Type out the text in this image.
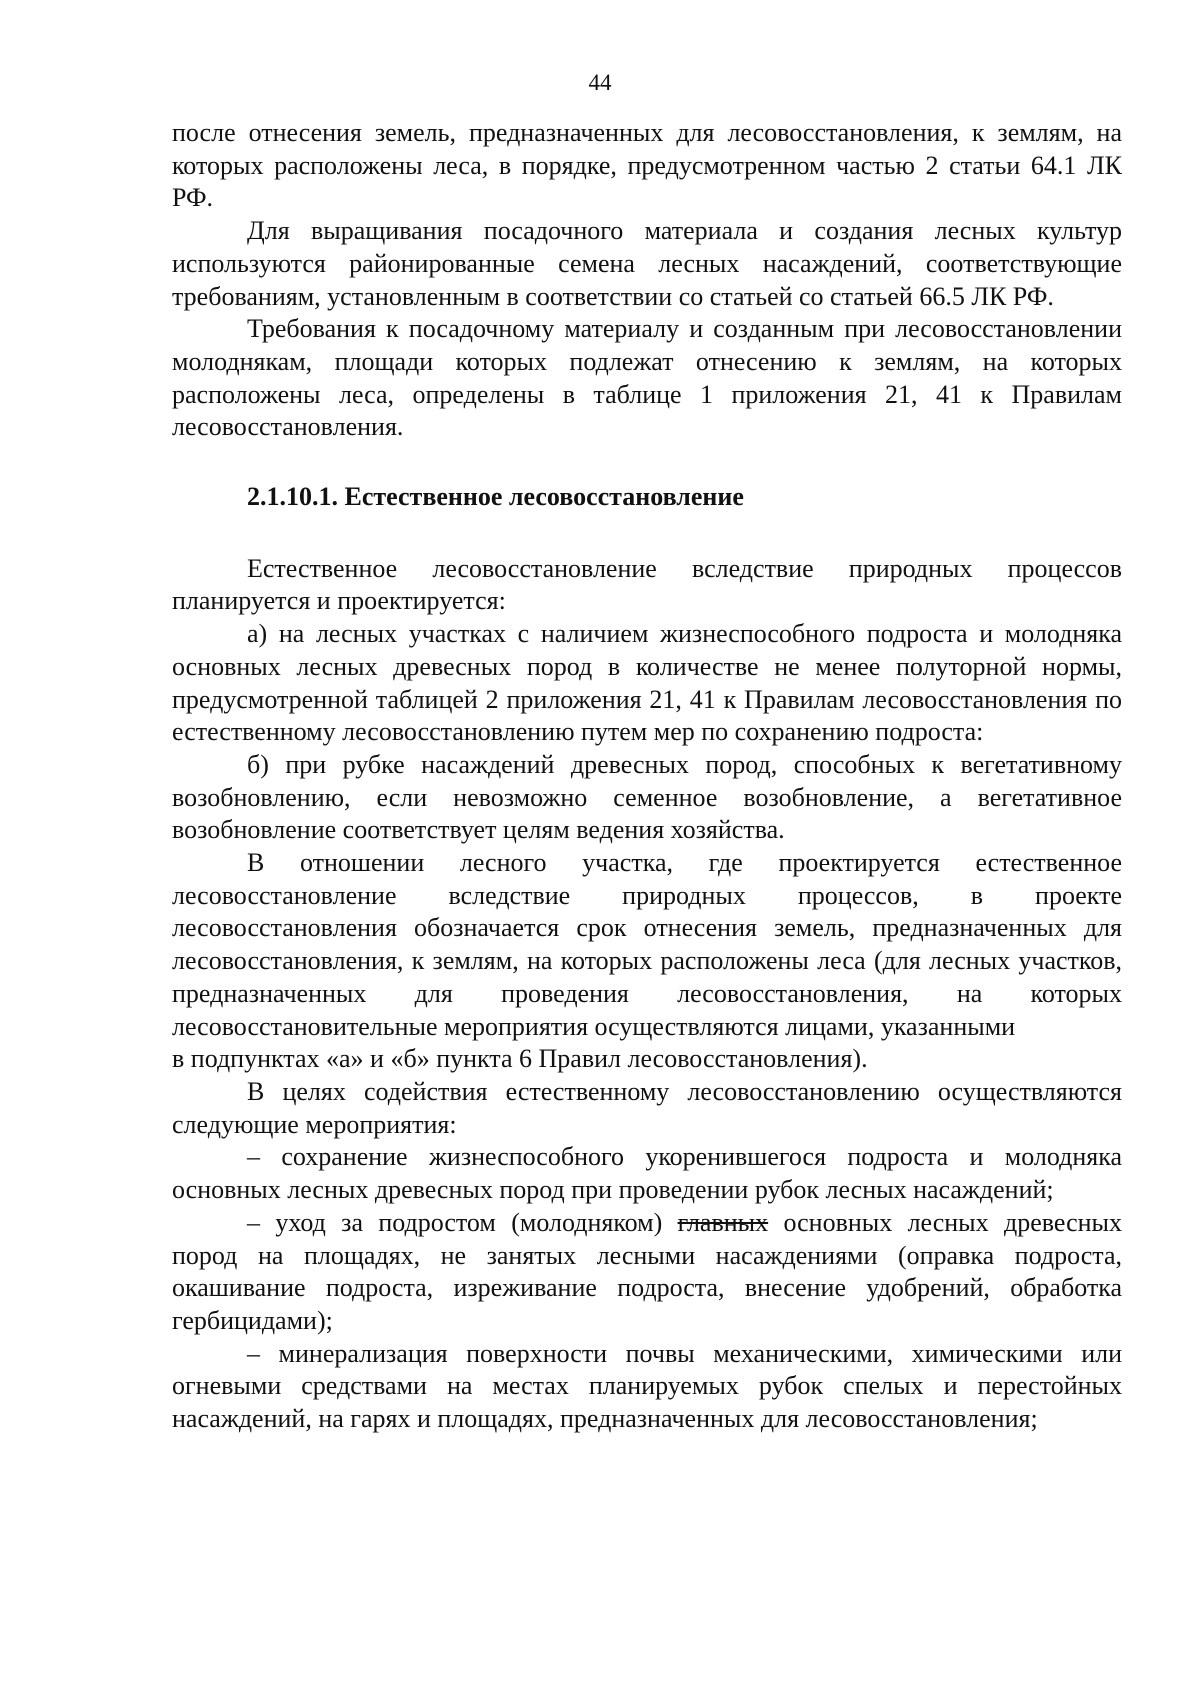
44

после отнесения земель, предназначенных для лесовосстановления, к землям, на которых расположены леса, в порядке, предусмотренном частью 2 статьи 64.1 ЛК РФ.

Для выращивания посадочного материала и создания лесных культур используются районированные семена лесных насаждений, соответствующие требованиям, установленным в соответствии со статьей со статьей 66.5 ЛК РФ.

Требования к посадочному материалу и созданным при лесовосстановлении молоднякам, площади которых подлежат отнесению к землям, на которых расположены леса, определены в таблице 1 приложения 21, 41 к Правилам лесовосстановления.

2.1.10.1. Естественное лесовосстановление

Естественное лесовосстановление вследствие природных процессов планируется и проектируется:

а) на лесных участках с наличием жизнеспособного подроста и молодняка основных лесных древесных пород в количестве не менее полуторной нормы, предусмотренной таблицей 2 приложения 21, 41 к Правилам лесовосстановления по естественному лесовосстановлению путем мер по сохранению подроста:

б) при рубке насаждений древесных пород, способных к вегетативному возобновлению, если невозможно семенное возобновление, а вегетативное возобновление соответствует целям ведения хозяйства.

В отношении лесного участка, где проектируется естественное лесовосстановление вследствие природных процессов, в проекте лесовосстановления обозначается срок отнесения земель, предназначенных для лесовосстановления, к землям, на которых расположены леса (для лесных участков, предназначенных для проведения лесовосстановления, на которых лесовосстановительные мероприятия осуществляются лицами, указанными

в подпунктах «а» и «б» пункта 6 Правил лесовосстановления).

В целях содействия естественному лесовосстановлению осуществляются следующие мероприятия:

– сохранение жизнеспособного укоренившегося подроста и молодняка основных лесных древесных пород при проведении рубок лесных насаждений;

– уход за подростом (молодняком) главных основных лесных древесных пород на площадях, не занятых лесными насаждениями (оправка подроста, окашивание подроста, изреживание подроста, внесение удобрений, обработка гербицидами);

– минерализация поверхности почвы механическими, химическими или огневыми средствами на местах планируемых рубок спелых и перестойных насаждений, на гарях и площадях, предназначенных для лесовосстановления;
